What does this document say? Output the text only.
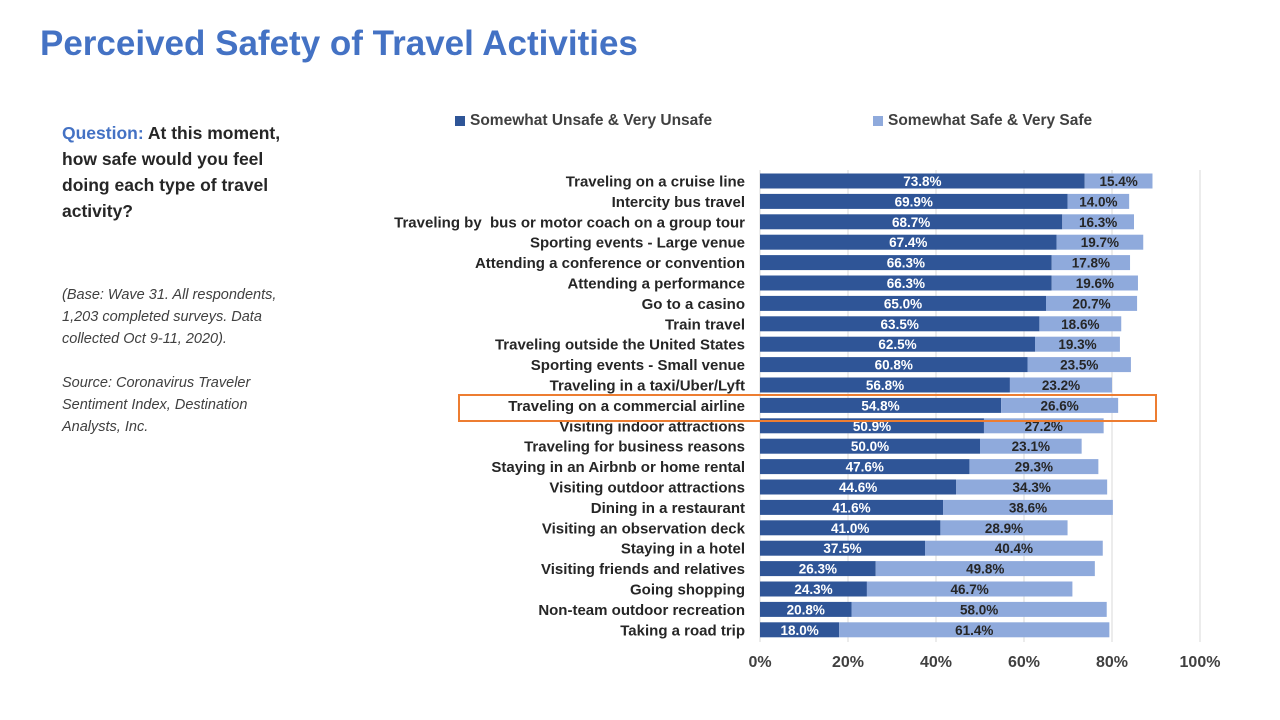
Perceived Safety of Travel Activities
Question: At this moment, how safe would you feel doing each type of travel activity?
(Base: Wave 31. All respondents, 1,203 completed surveys. Data collected Oct 9-11, 2020).
Source: Coronavirus Traveler Sentiment Index, Destination Analysts, Inc.
Somewhat Unsafe & Very Unsafe	Somewhat Safe & Very Safe
0%	20%	40%	60%	80%	100%
Traveling on a cruise line	73.8%	15.4%
Intercity bus travel	69.9%	14.0%
Traveling by  bus or motor coach on a group tour	68.7%	16.3%
Sporting events - Large venue	67.4%	19.7%
Attending a conference or convention	66.3%	17.8%
Attending a performance	66.3%	19.6%
Go to a casino	65.0%	20.7%
Train travel	63.5%	18.6%
Traveling outside the United States	62.5%	19.3%
Sporting events - Small venue	60.8%	23.5%
Traveling in a taxi/Uber/Lyft	56.8%	23.2%
Traveling on a commercial airline	54.8%	26.6%
Visiting indoor attractions	50.9%	27.2%
Traveling for business reasons	50.0%	23.1%
Staying in an Airbnb or home rental	47.6%	29.3%
Visiting outdoor attractions	44.6%	34.3%
Dining in a restaurant	41.6%	38.6%
Visiting an observation deck	41.0%	28.9%
Staying in a hotel	37.5%	40.4%
Visiting friends and relatives	26.3%	49.8%
Going shopping	24.3%	46.7%
Non-team outdoor recreation	20.8%	58.0%
Taking a road trip	18.0%	61.4%
